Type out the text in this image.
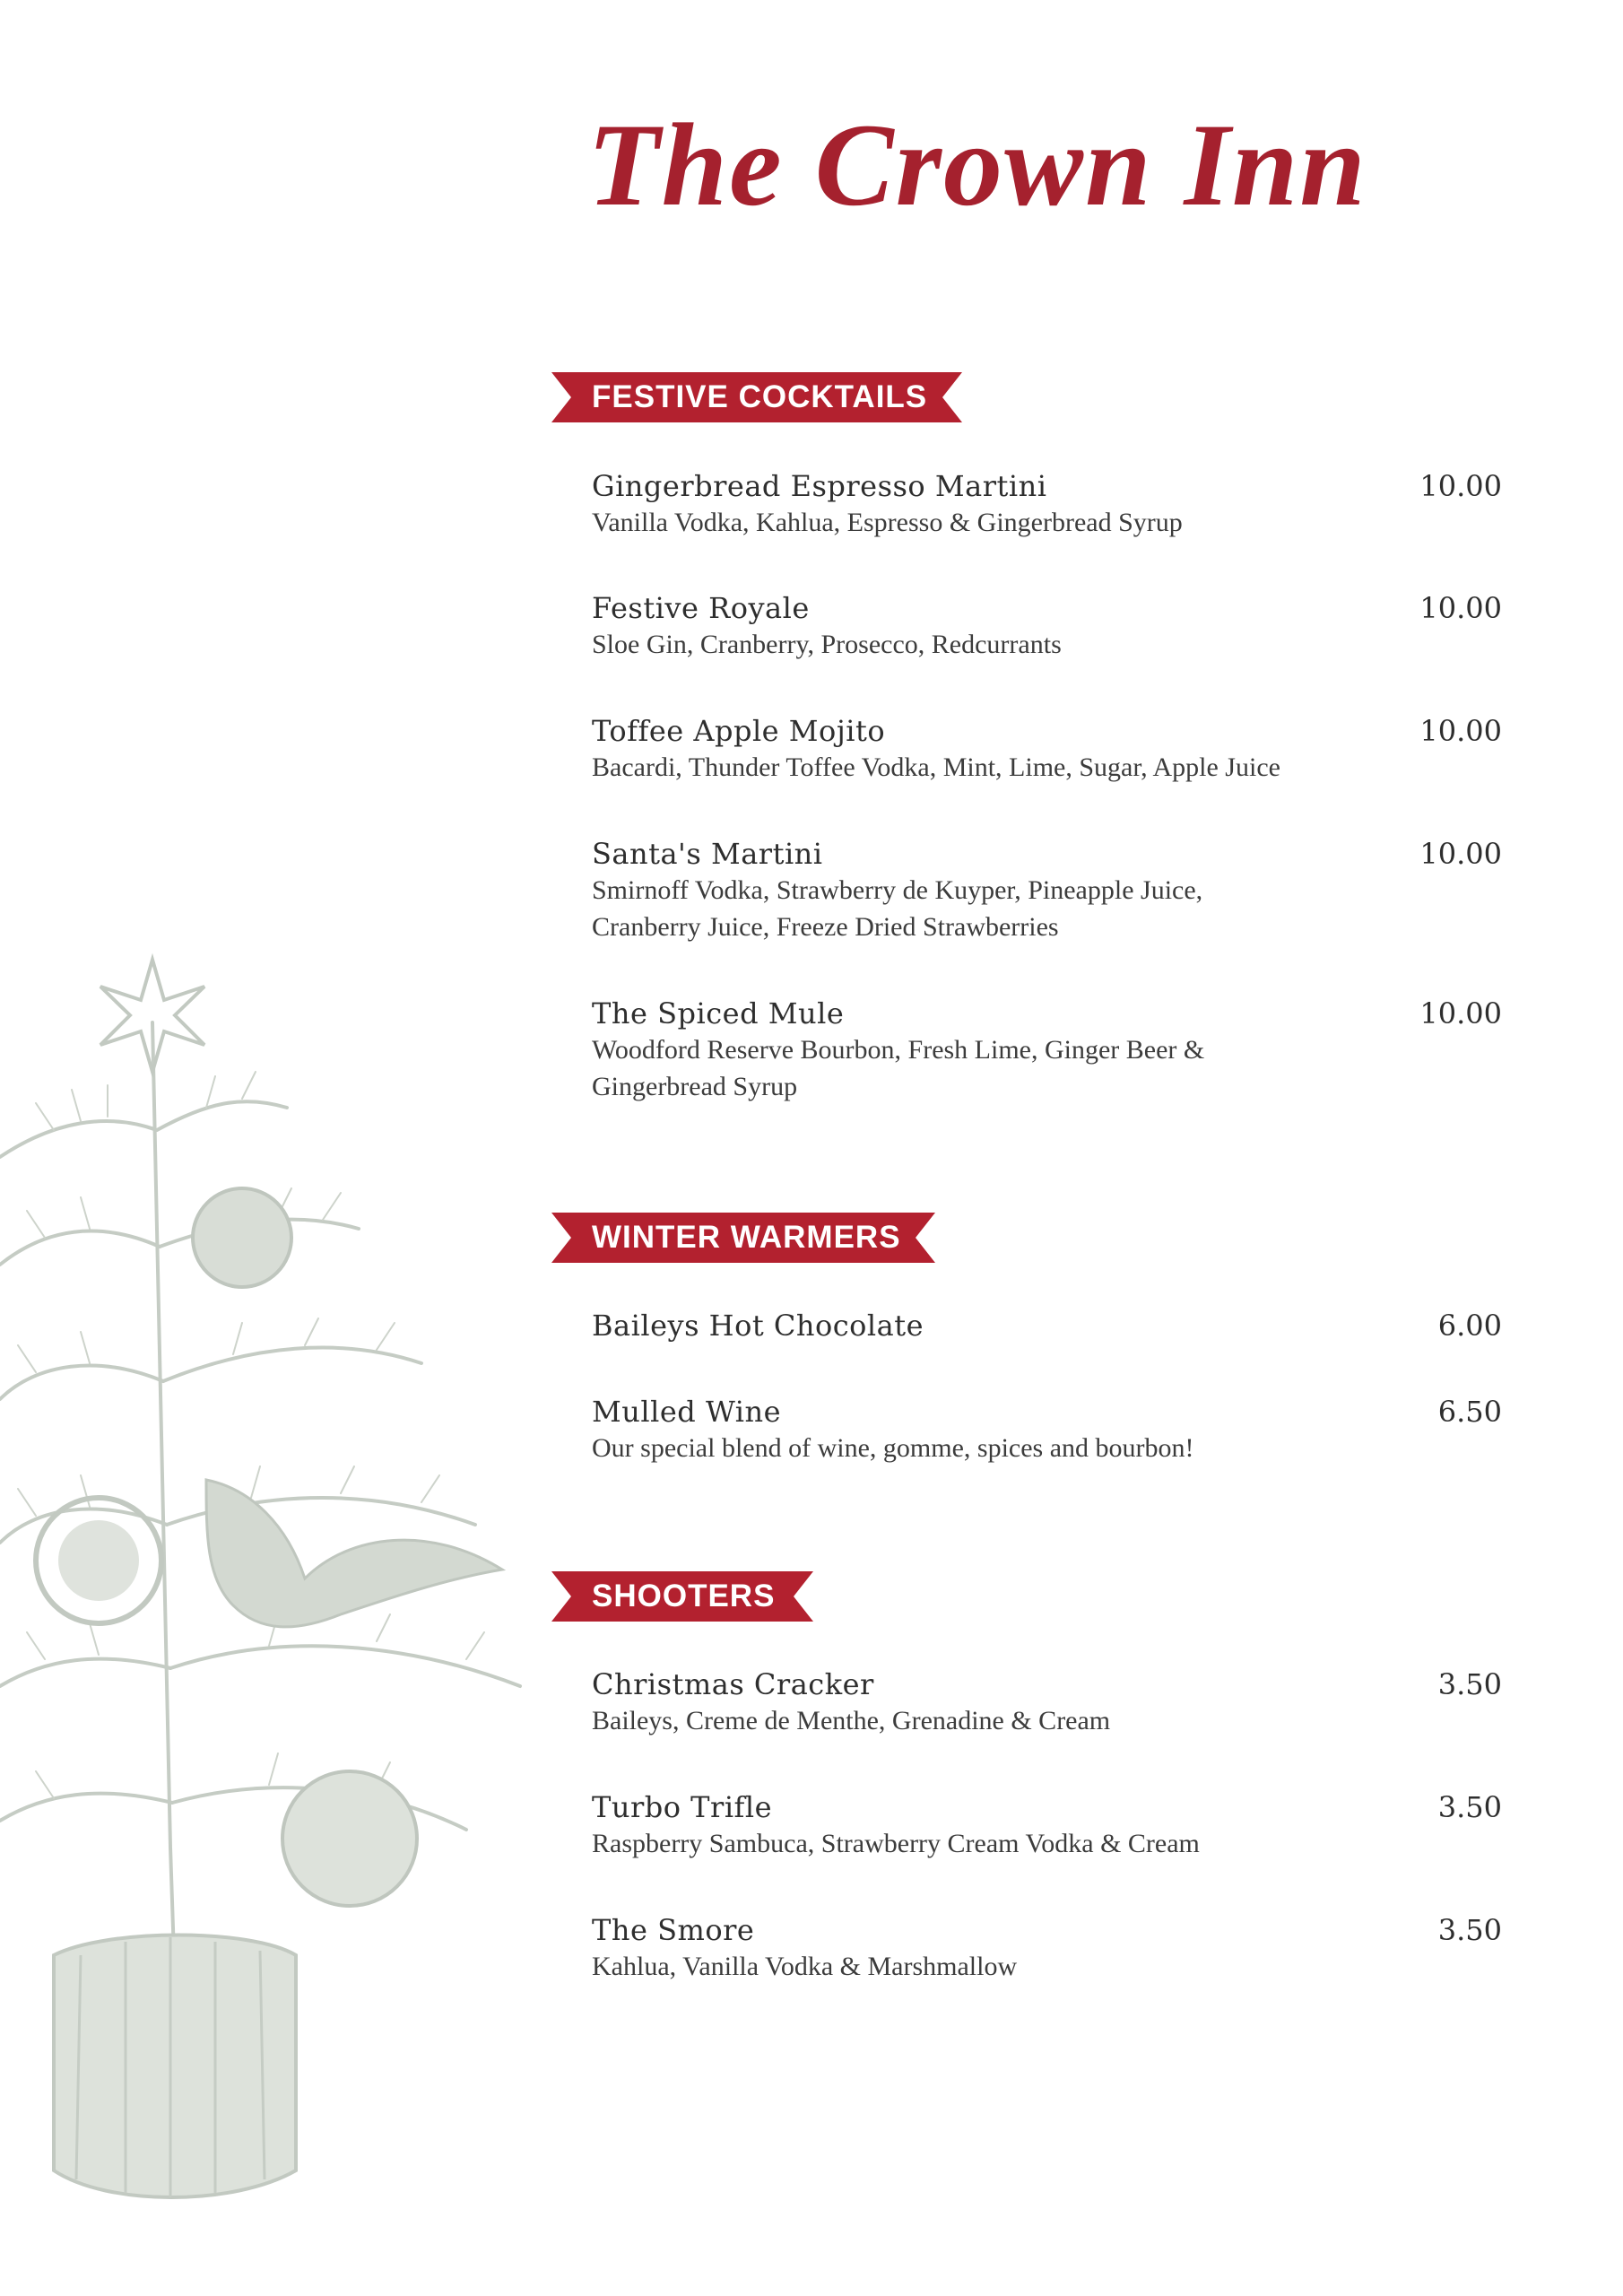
The Crown Inn
FESTIVE COCKTAILS
Gingerbread Espresso Martini	10.00
Vanilla Vodka, Kahlua, Espresso & Gingerbread Syrup
Festive Royale	10.00
Sloe Gin, Cranberry, Prosecco, Redcurrants
Toffee Apple Mojito	10.00
Bacardi, Thunder Toffee Vodka, Mint, Lime, Sugar, Apple Juice
Santa's Martini	10.00
Smirnoff Vodka, Strawberry de Kuyper, Pineapple Juice,
Cranberry Juice, Freeze Dried Strawberries
The Spiced Mule	10.00
Woodford Reserve Bourbon, Fresh Lime, Ginger Beer &
Gingerbread Syrup
WINTER WARMERS
Baileys Hot Chocolate	6.00
Mulled Wine	6.50
Our special blend of wine, gomme, spices and bourbon!
SHOOTERS
Christmas Cracker	3.50
Baileys, Creme de Menthe, Grenadine & Cream
Turbo Trifle	3.50
Raspberry Sambuca, Strawberry Cream Vodka & Cream
The Smore	3.50
Kahlua, Vanilla Vodka & Marshmallow
